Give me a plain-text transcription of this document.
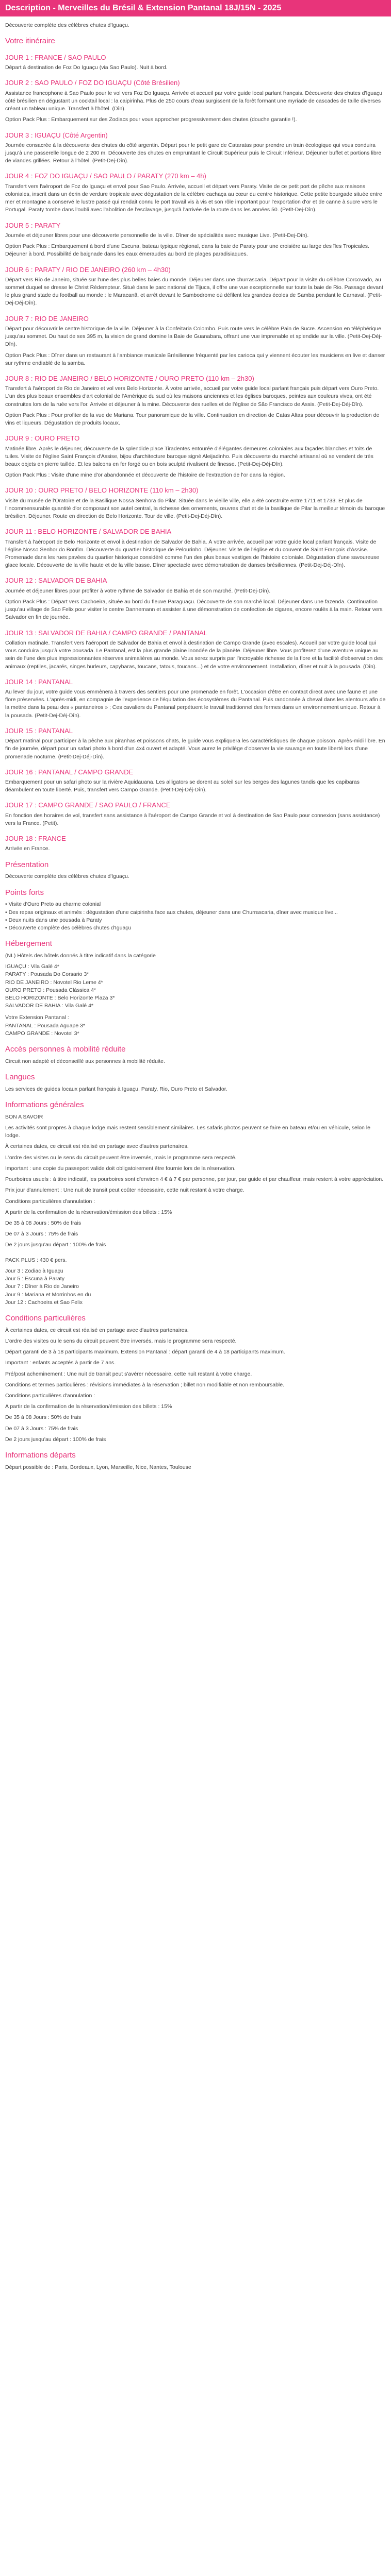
Description - Merveilles du Brésil & Extension Pantanal 18J/15N - 2025

Découverte complète des célèbres chutes d'Iguaçu.

Votre itinéraire
JOUR 1 : FRANCE / SAO PAULO

Départ à destination de Foz Do Iguaçu (via Sao Paulo). Nuit à bord.

JOUR 2 : SAO PAULO / FOZ DO IGUAÇU (Côté Brésilien)

Assistance francophone à Sao Paulo pour le vol vers Foz Do Iguaçu. Arrivée et accueil par votre guide local parlant français. Découverte des chutes d'Iguaçu côté brésilien en dégustant un cocktail local : la caipirinha. Plus de 250 cours d'eau surgissent de la forêt formant une myriade de cascades de taille diverses créant un tableau unique. Transfert à l'hôtel. (Dîn).

Option Pack Plus : Embarquement sur des Zodiacs pour vous approcher progressivement des chutes (douche garantie !).

JOUR 3 : IGUAÇU (Côté Argentin)

Journée consacrée à la découverte des chutes du côté argentin. Départ pour le petit gare de Cataratas pour prendre un train écologique qui vous conduira jusqu'à une passerelle longue de 2 200 m. Découverte des chutes en empruntant le Circuit Supérieur puis le Circuit Inférieur. Déjeuner buffet et portions libre de viandes grillées. Retour à l'hôtel. (Petit-Dej-Dîn).

JOUR 4 : FOZ DO IGUAÇU / SAO PAULO / PARATY (270 km – 4h)

Transfert vers l'aéroport de Foz do Iguaçu et envol pour Sao Paulo. Arrivée, accueil et départ vers Paraty. Visite de ce petit port de pêche aux maisons coloniales, inscrit dans un écrin de verdure tropicale avec dégustation de la célèbre cachaça au cœur du centre historique. Cette petite bourgade située entre mer et montagne a conservé le lustre passé qui rendait connu le port travail vis à vis et son rôle important pour l'exportation d'or et de canne à sucre vers le Portugal. Paraty tombe dans l'oubli avec l'abolition de l'esclavage, jusqu'à l'arrivée de la route dans les années 50. (Petit-Dej-Dîn).

JOUR 5 : PARATY

Journée et déjeuner libres pour une découverte personnelle de la ville. Dîner de spécialités avec musique Live. (Petit-Dej-Dîn).

Option Pack Plus : Embarquement à bord d'une Escuna, bateau typique régional, dans la baie de Paraty pour une croisière au large des îles Tropicales. Déjeuner à bord. Possibilité de baignade dans les eaux émeraudes au bord de plages paradisiaques.

JOUR 6 : PARATY / RIO DE JANEIRO (260 km – 4h30)

Départ vers Rio de Janeiro, située sur l'une des plus belles baies du monde. Déjeuner dans une churrascaria. Départ pour la visite du célèbre Corcovado, au sommet duquel se dresse le Christ Rédempteur. Situé dans le parc national de Tijuca, il offre une vue exceptionnelle sur toute la baie de Rio. Passage devant le plus grand stade du football au monde : le Maracanã, et arrêt devant le Sambodrome où défilent les grandes écoles de Samba pendant le Carnaval. (Petit-Dej-Déj-Dîn).

JOUR 7 : RIO DE JANEIRO

Départ pour découvrir le centre historique de la ville. Déjeuner à la Confeitaria Colombo. Puis route vers le célèbre Pain de Sucre. Ascension en téléphérique jusqu'au sommet. Du haut de ses 395 m, la vision de grand domine la Baie de Guanabara, offrant une vue imprenable et splendide sur la ville. (Petit-Dej-Déj-Dîn).

Option Pack Plus : Dîner dans un restaurant à l'ambiance musicale Brésilienne fréquenté par les carioca qui y viennent écouter les musiciens en live et danser sur rythme endiablé de la samba.

JOUR 8 : RIO DE JANEIRO / BELO HORIZONTE / OURO PRETO (110 km – 2h30)

Transfert à l'aéroport de Rio de Janeiro et vol vers Belo Horizonte. À votre arrivée, accueil par votre guide local parlant français puis départ vers Ouro Preto. L'un des plus beaux ensembles d'art colonial de l'Amérique du sud où les maisons anciennes et les églises baroques, peintes aux couleurs vives, ont été construites lors de la ruée vers l'or. Arrivée et déjeuner à la mine. Découverte des ruelles et de l'église de São Francisco de Assis. (Petit-Dej-Déj-Dîn).

Option Pack Plus : Pour profiter de la vue de Mariana. Tour panoramique de la ville. Continuation en direction de Catas Altas pour découvrir la production de vins et liqueurs. Dégustation de produits locaux.

JOUR 9 : OURO PRETO

Matinée libre. Après le déjeuner, découverte de la splendide place Tiradentes entourée d'élégantes demeures coloniales aux façades blanches et toits de tuiles. Visite de l'église Saint François d'Assise, bijou d'architecture baroque signé Aleijadinho. Puis découverte du marché artisanal où se vendent de très beaux objets en pierre taillée. Et les balcons en fer forgé ou en bois sculpté rivalisent de finesse. (Petit-Dej-Déj-Dîn).

Option Pack Plus : Visite d'une mine d'or abandonnée et découverte de l'histoire de l'extraction de l'or dans la région.

JOUR 10 : OURO PRETO / BELO HORIZONTE (110 km – 2h30)

Visite du musée de l'Oratoire et de la Basilique Nossa Senhora do Pilar. Située dans le vieille ville, elle a été construite entre 1711 et 1733. Et plus de l'incommensurable quantité d'or composant son autel central, la richesse des ornements, œuvres d'art et de la basilique de Pilar la meilleur témoin du baroque brésilien. Déjeuner. Route en direction de Belo Horizonte. Tour de ville. (Petit-Dej-Déj-Dîn).

JOUR 11 : BELO HORIZONTE / SALVADOR DE BAHIA

Transfert à l'aéroport de Belo Horizonte et envol à destination de Salvador de Bahia. À votre arrivée, accueil par votre guide local parlant français. Visite de l'église Nosso Senhor do Bonfim. Découverte du quartier historique de Pelourinho. Déjeuner. Visite de l'église et du couvent de Saint François d'Assise. Promenade dans les rues pavées du quartier historique considéré comme l'un des plus beaux vestiges de l'histoire coloniale. Dégustation d'une savoureuse glace locale. Découverte de la ville haute et de la ville basse. Dîner spectacle avec démonstration de danses brésiliennes. (Petit-Dej-Déj-Dîn).

JOUR 12 : SALVADOR DE BAHIA

Journée et déjeuner libres pour profiter à votre rythme de Salvador de Bahia et de son marché. (Petit-Dej-Dîn).

Option Pack Plus : Départ vers Cachoeira, située au bord du fleuve Paraguaçu. Découverte de son marché local. Déjeuner dans une fazenda. Continuation jusqu'au village de Sao Felix pour visiter le centre Dannemann et assister à une démonstration de confection de cigares, encore roulés à la main. Retour vers Salvador en fin de journée.

JOUR 13 : SALVADOR DE BAHIA / CAMPO GRANDE / PANTANAL

Collation matinale. Transfert vers l'aéroport de Salvador de Bahia et envol à destination de Campo Grande (avec escales). Accueil par votre guide local qui vous conduira jusqu'à votre pousada. Le Pantanal, est la plus grande plaine inondée de la planète. Déjeuner libre. Vous profiterez d'une aventure unique au sein de l'une des plus impressionnantes réserves animalières au monde. Vous serez surpris par l'incroyable richesse de la flore et la facilité d'observation des animaux (reptiles, jacarés, singes hurleurs, capybaras, toucans, tatous, toucans...) et de votre environnement. Installation, dîner et nuit à la pousada. (Dîn).

JOUR 14 : PANTANAL

Au lever du jour, votre guide vous emmènera à travers des sentiers pour une promenade en forêt. L'occasion d'être en contact direct avec une faune et une flore préservées. L'après-midi, en compagnie de l'experience de l'équitation des écosystèmes du Pantanal. Puis randonnée à cheval dans les alentours afin de la mettre dans la peau des « pantaneiros » ; Ces cavaliers du Pantanal perpétuent le travail traditionnel des fermes dans un environnement unique. Retour à la pousada. (Petit-Dej-Déj-Dîn).

JOUR 15 : PANTANAL

Départ matinal pour participer à la pêche aux piranhas et poissons chats, le guide vous expliquera les caractéristiques de chaque poisson. Après-midi libre. En fin de journée, départ pour un safari photo à bord d'un 4x4 ouvert et adapté. Vous aurez le privilège d'observer la vie sauvage en toute liberté lors d'une promenade nocturne. (Petit-Dej-Déj-Dîn).

JOUR 16 : PANTANAL / CAMPO GRANDE

Embarquement pour un safari photo sur la rivière Aquidauana. Les alligators se dorent au soleil sur les berges des lagunes tandis que les capibaras déambulent en toute liberté. Puis, transfert vers Campo Grande. (Petit-Dej-Déj-Dîn).

JOUR 17 : CAMPO GRANDE / SAO PAULO / FRANCE

En fonction des horaires de vol, transfert sans assistance à l'aéroport de Campo Grande et vol à destination de Sao Paulo pour connexion (sans assistance) vers la France. (Petit).

JOUR 18 : FRANCE

Arrivée en France.

Présentation

Découverte complète des célèbres chutes d'Iguaçu.

Points forts

• Visite d'Ouro Preto au charme colonial

• Des repas originaux et animés : dégustation d'une caipirinha face aux chutes, déjeuner dans une Churrascaria, dîner avec musique live...

• Deux nuits dans une pousada à Paraty

• Découverte complète des célèbres chutes d'Iguaçu

Hébergement

(NL) Hôtels des hôtels donnés à titre indicatif dans la catégorie

IGUAÇU : Vila Galé 4*

PARATY : Pousada Do Corsario 3*

RIO DE JANEIRO : Novotel Rio Leme 4*

OURO PRETO : Pousada Clássica 4*

BELO HORIZONTE : Belo Horizonte Plaza 3*

SALVADOR DE BAHIA : Vila Galé 4*

Votre Extension Pantanal :

PANTANAL : Pousada Aguape 3*

CAMPO GRANDE : Novotel 3*

Accès personnes à mobilité réduite

Circuit non adapté et déconseillé aux personnes à mobilité réduite.

Langues

Les services de guides locaux parlant français à Iguaçu, Paraty, Rio, Ouro Preto et Salvador.

Informations générales

BON A SAVOIR

Les activités sont propres à chaque lodge mais restent sensiblement similaires. Les safaris photos peuvent se faire en bateau et/ou en véhicule, selon le lodge.

À certaines dates, ce circuit est réalisé en partage avec d'autres partenaires.

L'ordre des visites ou le sens du circuit peuvent être inversés, mais le programme sera respecté.

Important : une copie du passeport valide doit obligatoirement être fournie lors de la réservation.

Pourboires usuels : à titre indicatif, les pourboires sont d'environ 4 € à 7 € par personne, par jour, par guide et par chauffeur, mais restent à votre appréciation.

Prix jour d'annulement : Une nuit de transit peut coûter nécessaire, cette nuit restant à votre charge.

Conditions particulières d'annulation :

A partir de la confirmation de la réservation/émission des billets : 15%

De 35 à 08 Jours : 50% de frais

De 07 à 3 Jours : 75% de frais

De 2 jours jusqu'au départ : 100% de frais

PACK PLUS : 430 € pers.

Jour 3 : Zodiac à Iguaçu

Jour 5 : Escuna à Paraty

Jour 7 : Dîner à Rio de Janeiro

Jour 9 : Mariana et Morrinhos en du

Jour 12 : Cachoeira et Sao Felix

Conditions particulières

À certaines dates, ce circuit est réalisé en partage avec d'autres partenaires.

L'ordre des visites ou le sens du circuit peuvent être inversés, mais le programme sera respecté.

Départ garanti de 3 à 18 participants maximum. Extension Pantanal : départ garanti de 4 à 18 participants maximum.

Important : enfants acceptés à partir de 7 ans.

Pré/post acheminement : Une nuit de transit peut s'avérer nécessaire, cette nuit restant à votre charge.

Conditions et termes particulières : révisions immédiates à la réservation ; billet non modifiable et non remboursable.

Conditions particulières d'annulation :

A partir de la confirmation de la réservation/émission des billets : 15%

De 35 à 08 Jours : 50% de frais

De 07 à 3 Jours : 75% de frais

De 2 jours jusqu'au départ : 100% de frais

Informations départs

Départ possible de : Paris, Bordeaux, Lyon, Marseille, Nice, Nantes, Toulouse
